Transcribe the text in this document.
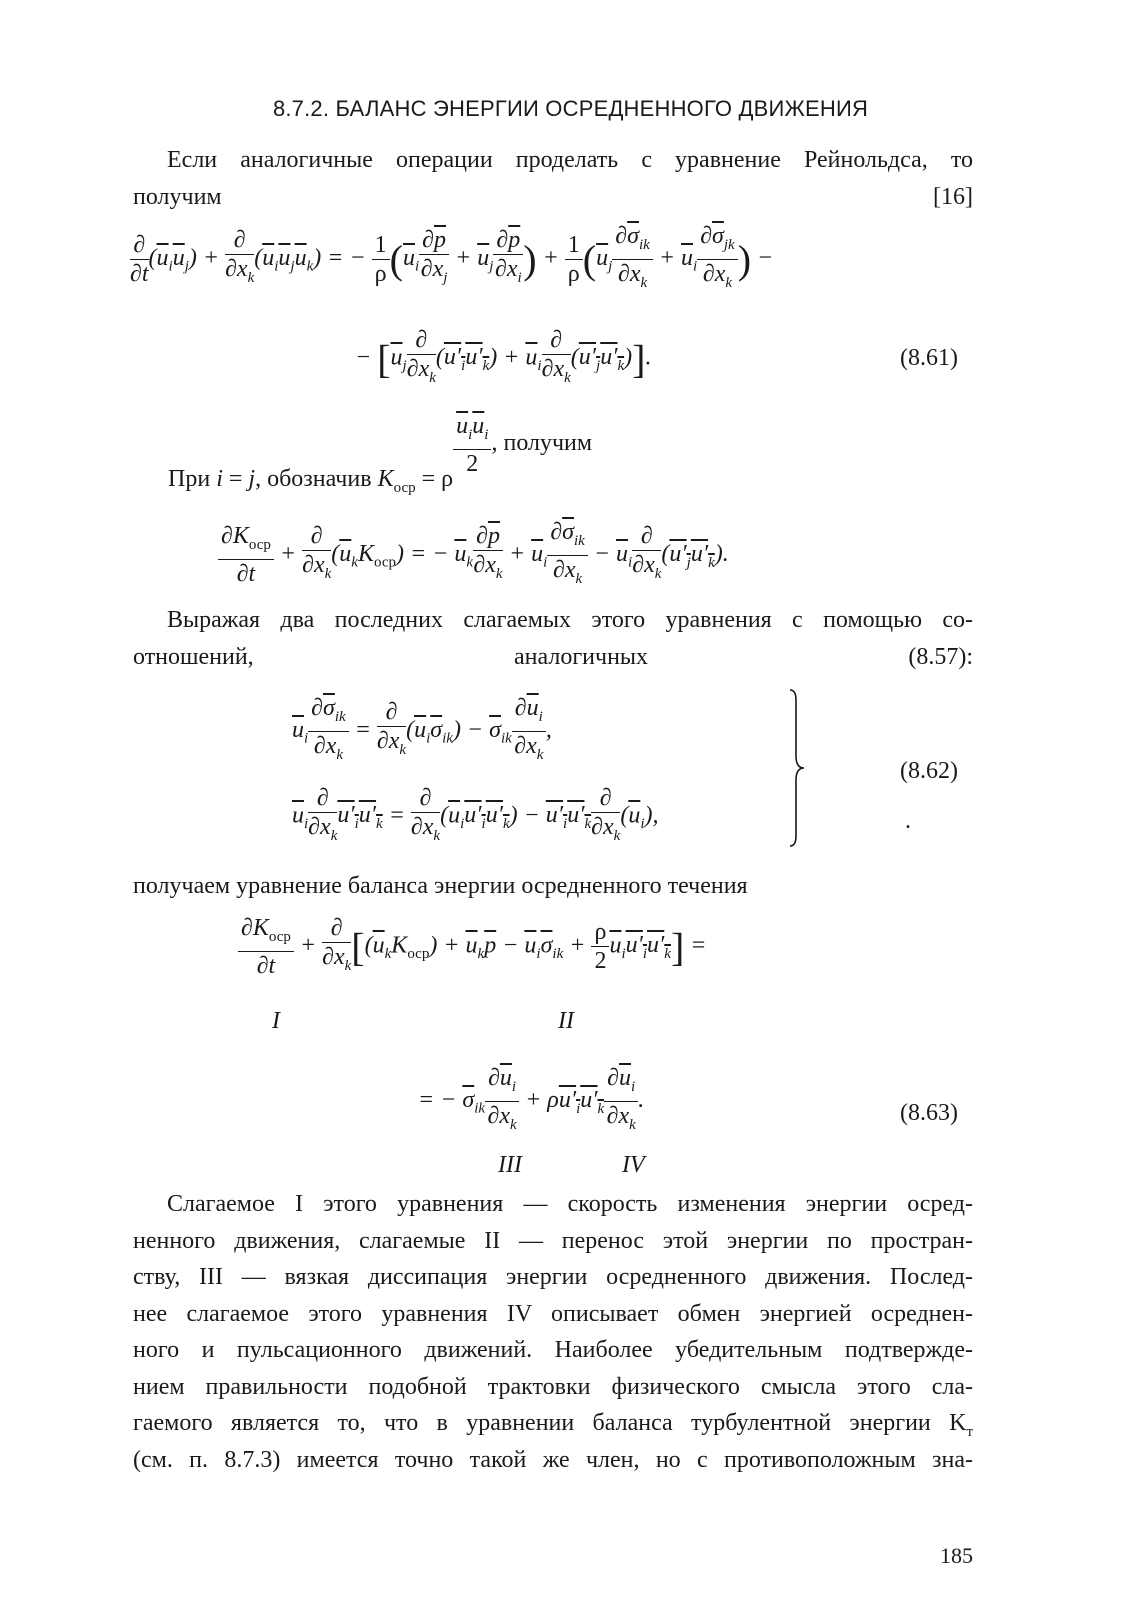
8.7.2. БАЛАНС ЭНЕРГИИ ОСРЕДНЕННОГО ДВИЖЕНИЯ
Если аналогичные операции проделать с уравнение Рейнольдса, то
получим [16]
$\frac{\partial}{\partial t} (\overline{u}_i\overline{u}_j) + \frac{\partial}{\partial x_k} (\overline{u}_i\overline{u}_j\overline{u}_k)$ = − $\frac{1}{\rho} (\overline{u}_i \frac{\partial\overline{p}}{\partial x_j} + \overline{u}_j \frac{\partial\overline{p}}{\partial x_i}$ ) + $\frac{1}{\rho} (\overline{u}_j \frac{\partial\overline{\sigma}_{ik}}{\partial x_k} + \overline{u}_i \frac{\partial\overline{\sigma}_{jk}}{\partial x_k}$ ) −
− $[\overline{u}_j \frac{\partial}{\partial x_k} (u'_iu'_k) + \overline{u}_i \frac{\partial}{\partial x_k} (u'_ju'_k)]$.	(8.61)
При i = j, обозначив $K_{оср} = \rho$
$\frac{\overline{u}_i\overline{u}_i}{2}$ , получим
$\frac{\partial K_{оср}}{\partial t} + \frac{\partial}{\partial x_k} (\overline{u}_kK_{оср})$ = − $\overline{u}_k \frac{\partial\overline{p}}{\partial x_k} + \overline{u}_i \frac{\partial\overline{\sigma}_{ik}}{\partial x_k} - \overline{u}_i \frac{\partial}{\partial x_k} (u'_ju'_k)$.
Выражая два последних слагаемых этого уравнения с помощью со-
отношений, аналогичных (8.57):
$\overline{u}_i \frac{\partial\overline{\sigma}_{ik}}{\partial x_k} = \frac{\partial}{\partial x_k} (\overline{u}_i\overline{\sigma}_{ik}) - \overline{\sigma}_{ik} \frac{\partial\overline{u}_i}{\partial x_k}$ ,
$\overline{u}_i \frac{\partial}{\partial x_k} u'_iu'_k = \frac{\partial}{\partial x_k} (\overline{u}_iu'_iu'_k) - u'_iu'_k \frac{\partial}{\partial x_k} (\overline{u}_i)$,
(8.62)
.
получаем уравнение баланса энергии осредненного течения
$\frac{\partial K_{оср}}{\partial t} + \frac{\partial}{\partial x_k} [(\overline{u}_kK_{оср}) + \overline{u}_k\overline{p} - \overline{u}_i\overline{\sigma}_{ik} + \frac{\rho}{2} \overline{u}_iu'_iu'_k]$ =
I	II
= − $\overline{\sigma}_{ik} \frac{\partial\overline{u}_i}{\partial x_k} + \rho u'_iu'_k \frac{\partial\overline{u}_i}{\partial x_k}$ .
(8.63)
III	IV
Слагаемое I этого уравнения — скорость изменения энергии осред-
ненного движения, слагаемые II — перенос этой энергии по простран-
ству, III — вязкая диссипация энергии осредненного движения. Послед-
нее слагаемое этого уравнения IV описывает обмен энергией осреднен-
ного и пульсационного движений. Наиболее убедительным подтвержде-
нием правильности подобной трактовки физического смысла этого сла-
гаемого является то, что в уравнении баланса турбулентной энергии $K_т$
(см. п. 8.7.3) имеется точно такой же член, но с противоположным зна-
185
